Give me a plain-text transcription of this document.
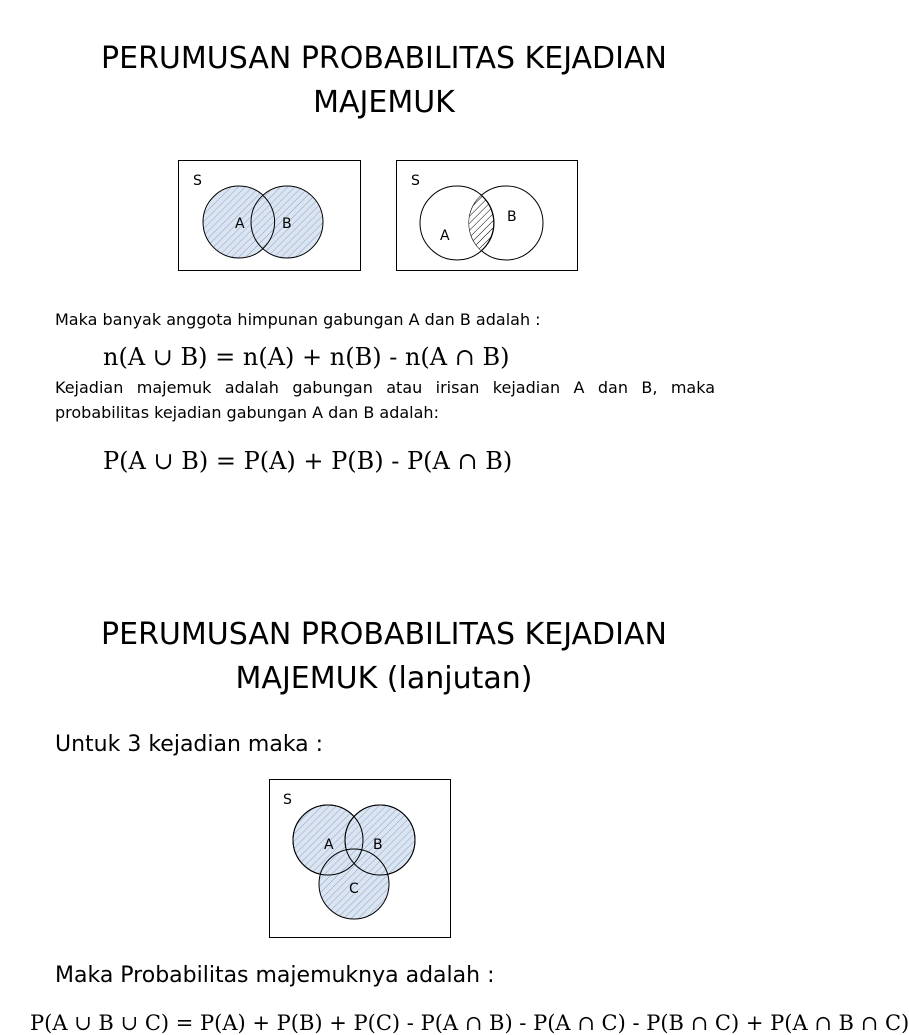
PERUMUSAN PROBABILITAS KEJADIAN
MAJEMUK
S
A	B
S
A
B
Maka banyak anggota himpunan gabungan A dan B adalah :
n(A ∪ B) = n(A) + n(B) - n(A ∩ B)
Kejadian majemuk adalah gabungan atau irisan kejadian A dan B, maka probabilitas kejadian gabungan A dan B adalah:
P(A ∪ B) = P(A) + P(B) - P(A ∩ B)
PERUMUSAN PROBABILITAS KEJADIAN
MAJEMUK (lanjutan)
Untuk 3 kejadian maka :
S
A	B
C
Maka Probabilitas majemuknya adalah :
P(A ∪ B ∪ C) = P(A) + P(B) + P(C) - P(A ∩ B) - P(A ∩ C) - P(B ∩ C) + P(A ∩ B ∩ C)
